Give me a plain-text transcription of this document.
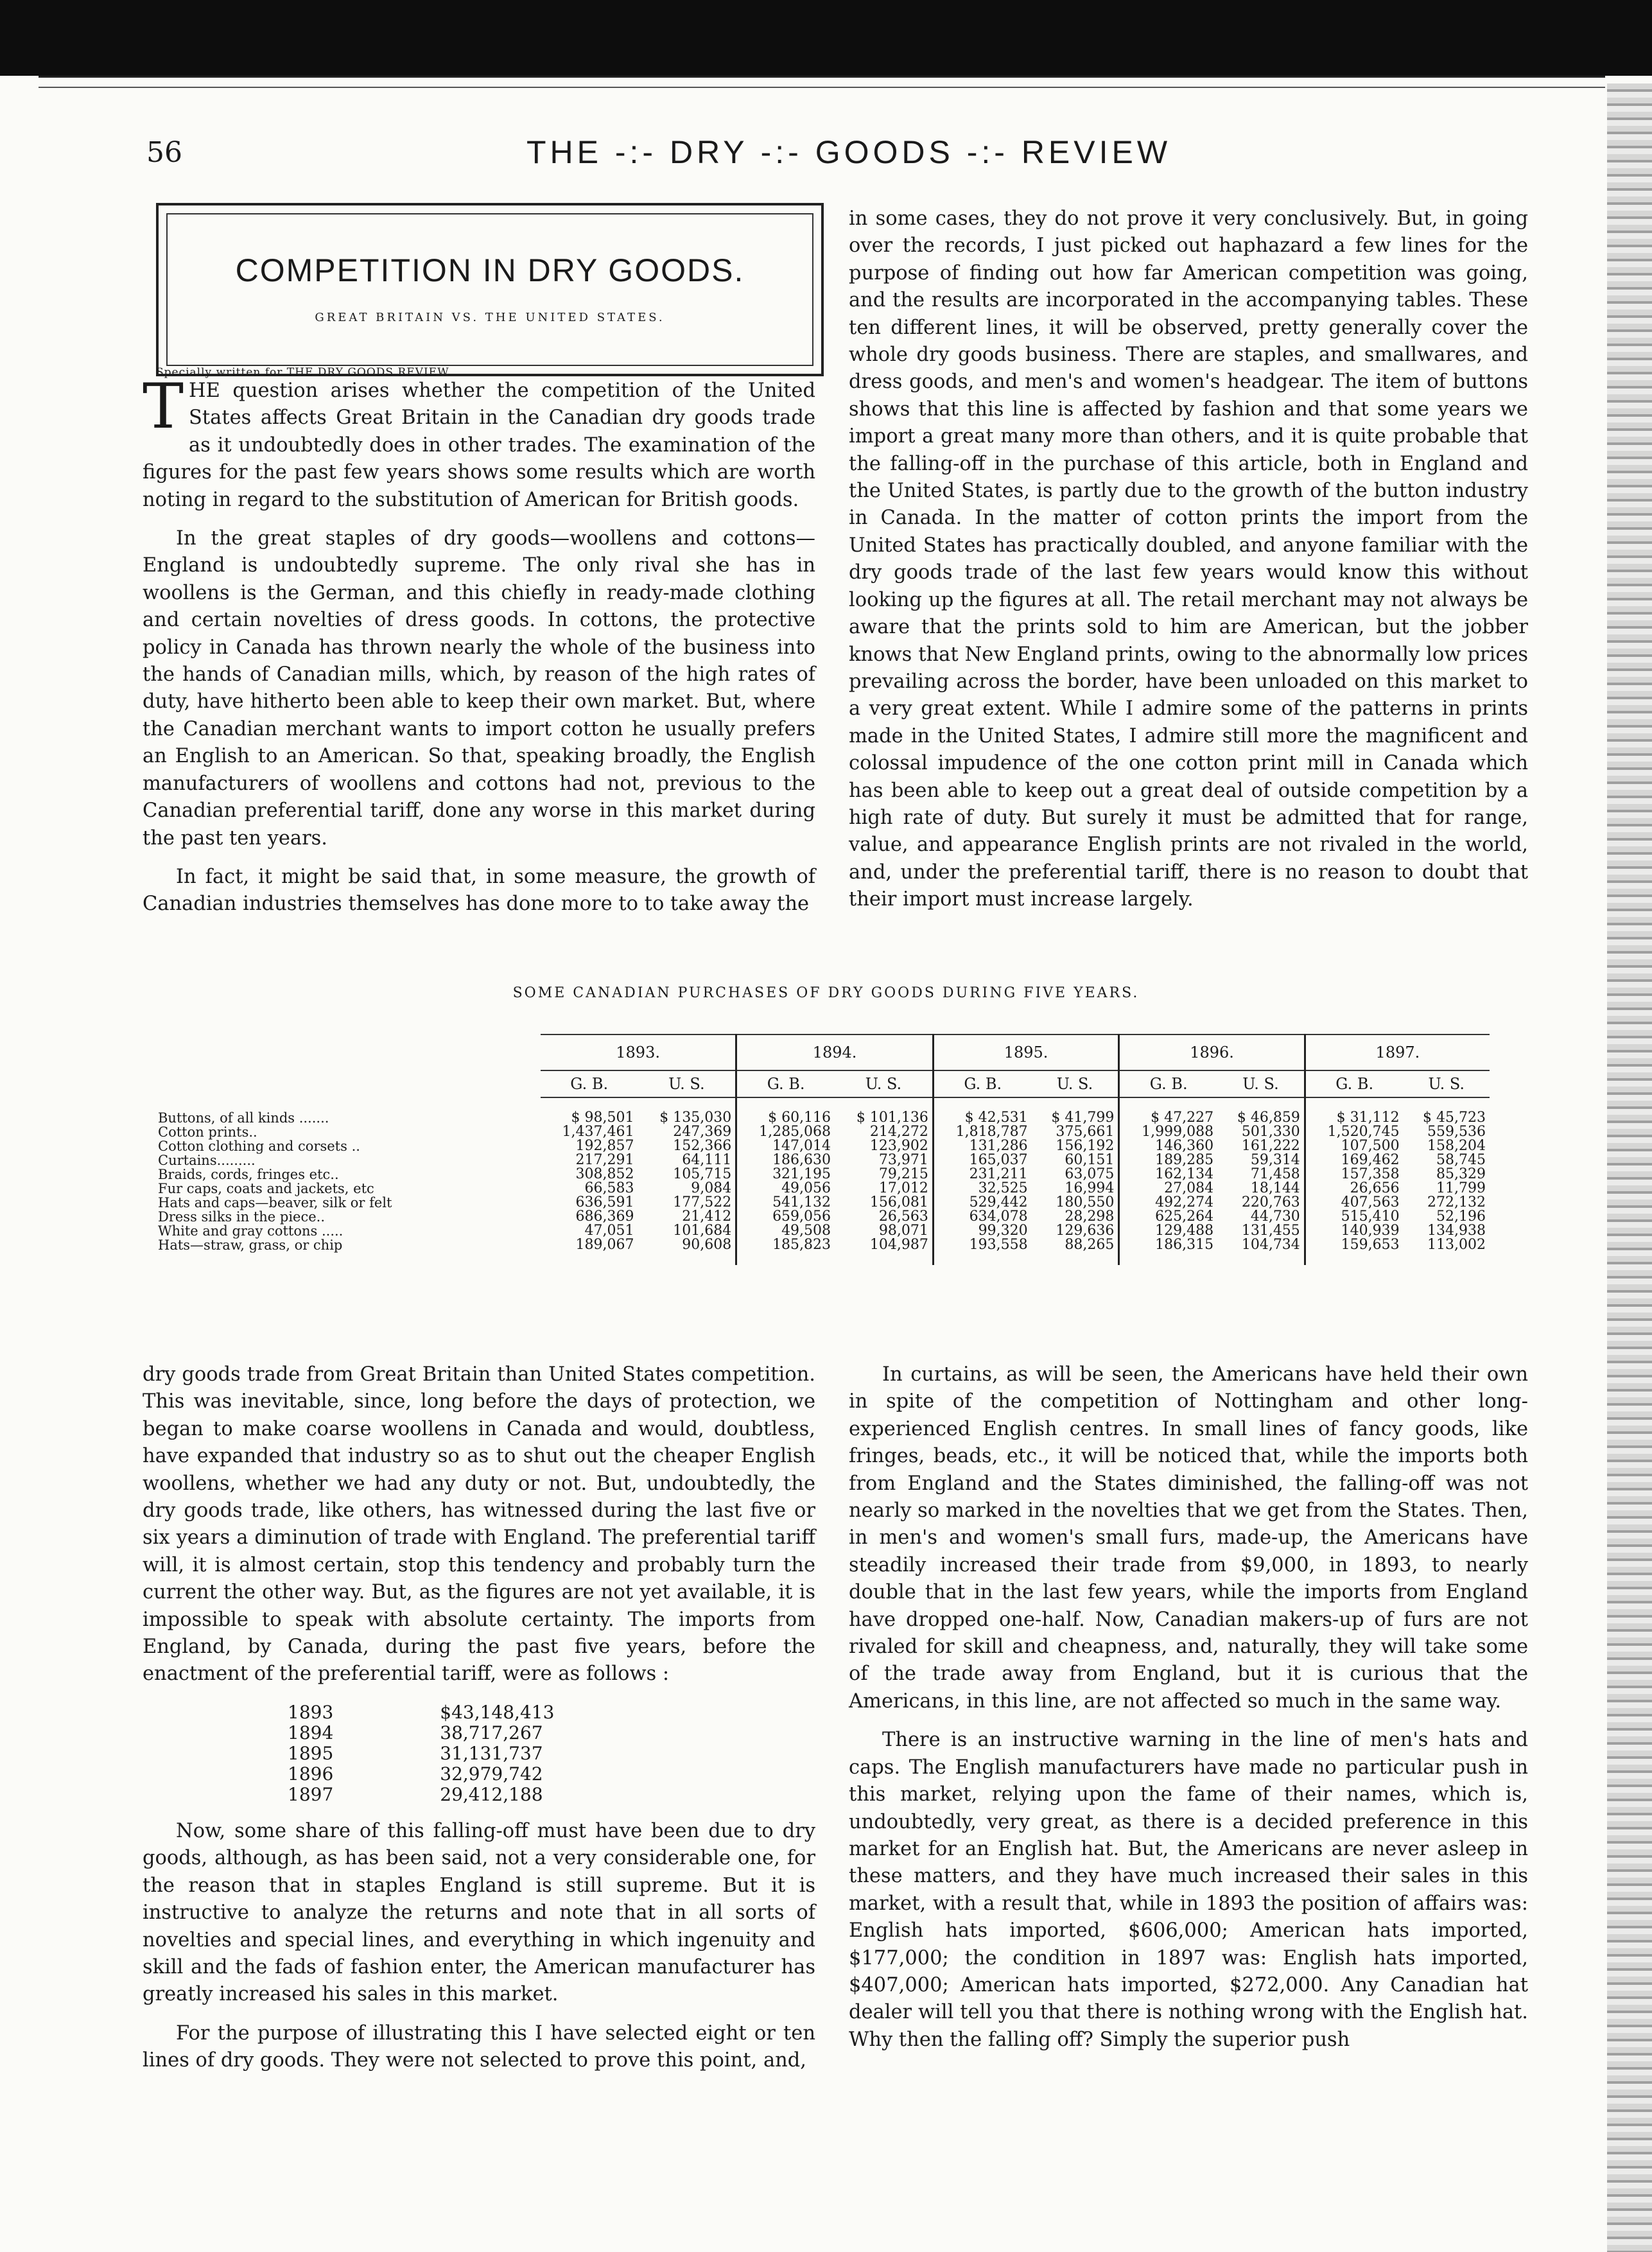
56	THE -:- DRY -:- GOODS -:- REVIEW
COMPETITION IN DRY GOODS.
GREAT BRITAIN VS. THE UNITED STATES.
Specially written for THE DRY GOODS REVIEW.

THE question arises whether the competition of the United States affects Great Britain in the Canadian dry goods trade as it undoubtedly does in other trades. The examination of the figures for the past few years shows some results which are worth noting in regard to the substitution of American for British goods.

In the great staples of dry goods—woollens and cottons—England is undoubtedly supreme. The only rival she has in woollens is the German, and this chiefly in ready-made clothing and certain novelties of dress goods. In cottons, the protective policy in Canada has thrown nearly the whole of the business into the hands of Canadian mills, which, by reason of the high rates of duty, have hitherto been able to keep their own market. But, where the Canadian merchant wants to import cotton he usually prefers an English to an American. So that, speaking broadly, the English manufacturers of woollens and cottons had not, previous to the Canadian preferential tariff, done any worse in this market during the past ten years.

In fact, it might be said that, in some measure, the growth of Canadian industries themselves has done more to to take away the

in some cases, they do not prove it very conclusively. But, in going over the records, I just picked out haphazard a few lines for the purpose of finding out how far American competition was going, and the results are incorporated in the accompanying tables. These ten different lines, it will be observed, pretty generally cover the whole dry goods business. There are staples, and smallwares, and dress goods, and men's and women's headgear. The item of buttons shows that this line is affected by fashion and that some years we import a great many more than others, and it is quite probable that the falling-off in the purchase of this article, both in England and the United States, is partly due to the growth of the button industry in Canada. In the matter of cotton prints the import from the United States has practically doubled, and anyone familiar with the dry goods trade of the last few years would know this without looking up the figures at all. The retail merchant may not always be aware that the prints sold to him are American, but the jobber knows that New England prints, owing to the abnormally low prices prevailing across the border, have been unloaded on this market to a very great extent. While I admire some of the patterns in prints made in the United States, I admire still more the magnificent and colossal impudence of the one cotton print mill in Canada which has been able to keep out a great deal of outside competition by a high rate of duty. But surely it must be admitted that for range, value, and appearance English prints are not rivaled in the world, and, under the preferential tariff, there is no reason to doubt that their import must increase largely.

SOME CANADIAN PURCHASES OF DRY GOODS DURING FIVE YEARS.
	1893.		1894.		1895.		1896.		1897.	
	G. B.	U. S.	G. B.	U. S.	G. B.	U. S.	G. B.	U. S.	G. B.	U. S.
Buttons, of all kinds .......	$ 98,501	$ 135,030	$ 60,116	$ 101,136	$ 42,531	$ 41,799	$ 47,227	$ 46,859	$ 31,112	$ 45,723
Cotton prints..	1,437,461	247,369	1,285,068	214,272	1,818,787	375,661	1,999,088	501,330	1,520,745	559,536
Cotton clothing and corsets ..	192,857	152,366	147,014	123,902	131,286	156,192	146,360	161,222	107,500	158,204
Curtains.........	217,291	64,111	186,630	73,971	165,037	60,151	189,285	59,314	169,462	58,745
Braids, cords, fringes etc..	308,852	105,715	321,195	79,215	231,211	63,075	162,134	71,458	157,358	85,329
Fur caps, coats and jackets, etc	66,583	9,084	49,056	17,012	32,525	16,994	27,084	18,144	26,656	11,799
Hats and caps—beaver, silk or felt	636,591	177,522	541,132	156,081	529,442	180,550	492,274	220,763	407,563	272,132
Dress silks in the piece..	686,369	21,412	659,056	26,563	634,078	28,298	625,264	44,730	515,410	52,196
White and gray cottons .....	47,051	101,684	49,508	98,071	99,320	129,636	129,488	131,455	140,939	134,938
Hats—straw, grass, or chip	189,067	90,608	185,823	104,987	193,558	88,265	186,315	104,734	159,653	113,002

dry goods trade from Great Britain than United States competition. This was inevitable, since, long before the days of protection, we began to make coarse woollens in Canada and would, doubtless, have expanded that industry so as to shut out the cheaper English woollens, whether we had any duty or not. But, undoubtedly, the dry goods trade, like others, has witnessed during the last five or six years a diminution of trade with England. The preferential tariff will, it is almost certain, stop this tendency and probably turn the current the other way. But, as the figures are not yet available, it is impossible to speak with absolute certainty. The imports from England, by Canada, during the past five years, before the enactment of the preferential tariff, were as follows :

1893	$43,148,413
1894	38,717,267
1895	31,131,737
1896	32,979,742
1897	29,412,188

Now, some share of this falling-off must have been due to dry goods, although, as has been said, not a very considerable one, for the reason that in staples England is still supreme. But it is instructive to analyze the returns and note that in all sorts of novelties and special lines, and everything in which ingenuity and skill and the fads of fashion enter, the American manufacturer has greatly increased his sales in this market.

For the purpose of illustrating this I have selected eight or ten lines of dry goods. They were not selected to prove this point, and,

In curtains, as will be seen, the Americans have held their own in spite of the competition of Nottingham and other long-experienced English centres. In small lines of fancy goods, like fringes, beads, etc., it will be noticed that, while the imports both from England and the States diminished, the falling-off was not nearly so marked in the novelties that we get from the States. Then, in men's and women's small furs, made-up, the Americans have steadily increased their trade from $9,000, in 1893, to nearly double that in the last few years, while the imports from England have dropped one-half. Now, Canadian makers-up of furs are not rivaled for skill and cheapness, and, naturally, they will take some of the trade away from England, but it is curious that the Americans, in this line, are not affected so much in the same way.

There is an instructive warning in the line of men's hats and caps. The English manufacturers have made no particular push in this market, relying upon the fame of their names, which is, undoubtedly, very great, as there is a decided preference in this market for an English hat. But, the Americans are never asleep in these matters, and they have much increased their sales in this market, with a result that, while in 1893 the position of affairs was: English hats imported, $606,000; American hats imported, $177,000; the condition in 1897 was: English hats imported, $407,000; American hats imported, $272,000. Any Canadian hat dealer will tell you that there is nothing wrong with the English hat. Why then the falling off? Simply the superior push
